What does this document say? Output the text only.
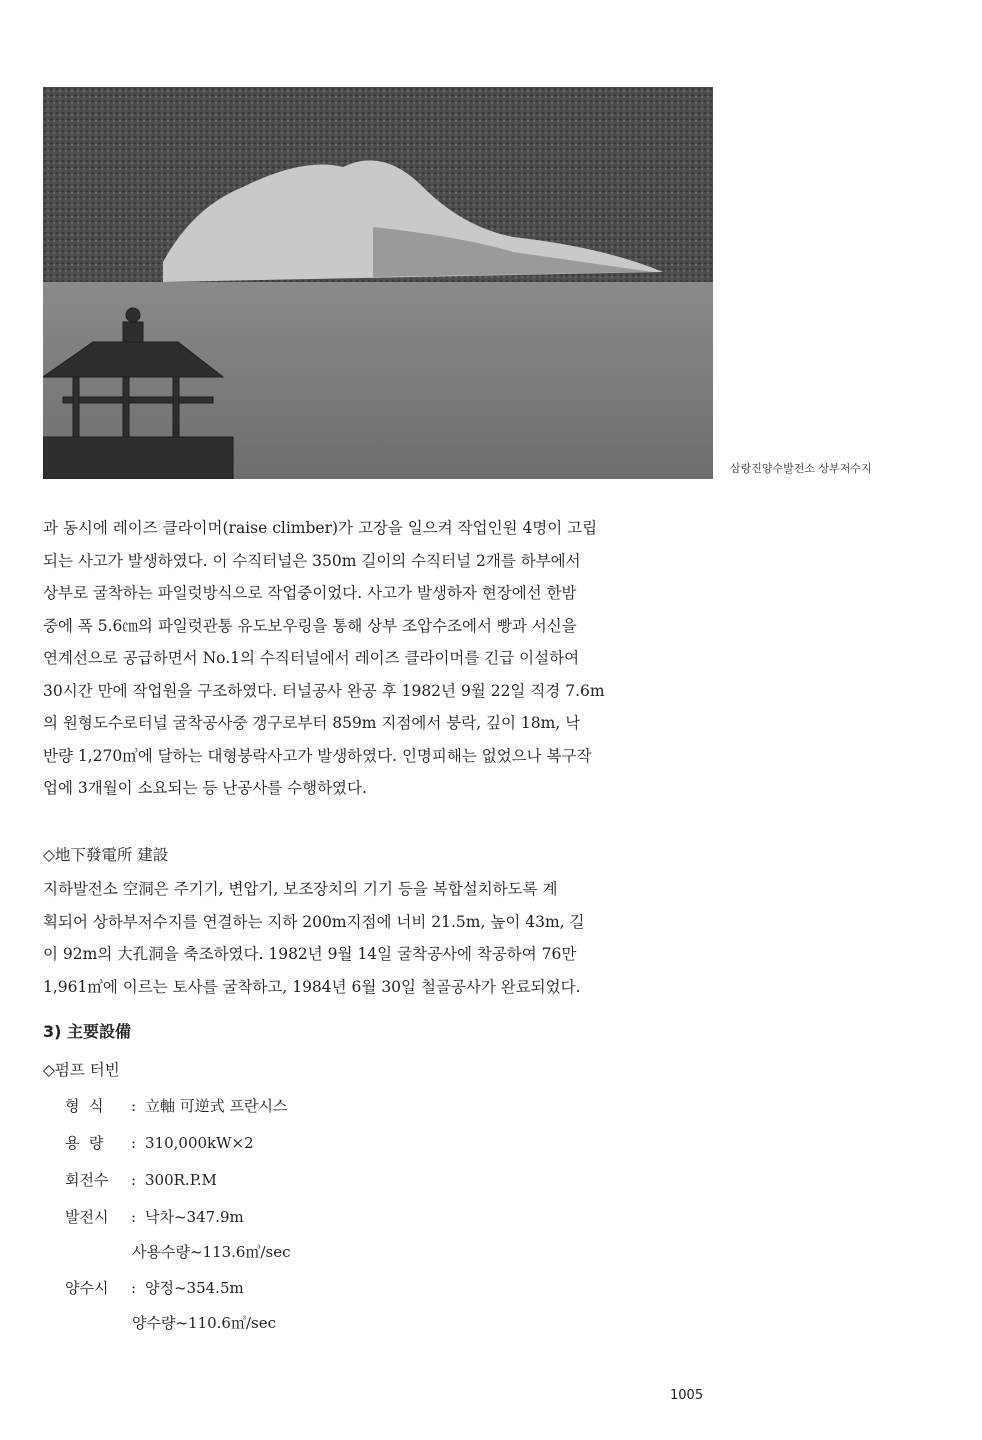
삼랑진양수발전소 상부저수지
과 동시에 레이즈 클라이머(raise climber)가 고장을 일으켜 작업인원 4명이 고립
되는 사고가 발생하였다. 이 수직터널은 350m 길이의 수직터널 2개를 하부에서
상부로 굴착하는 파일럿방식으로 작업중이었다. 사고가 발생하자 현장에선 한밤
중에 폭 5.6㎝의 파일럿관통 유도보우링을 통해 상부 조압수조에서 빵과 서신을
연계선으로 공급하면서 No.1의 수직터널에서 레이즈 클라이머를 긴급 이설하여
30시간 만에 작업원을 구조하였다. 터널공사 완공 후 1982년 9월 22일 직경 7.6m
의 원형도수로터널 굴착공사중 갱구로부터 859m 지점에서 붕락, 깊이 18m, 낙
반량 1,270㎥에 달하는 대형붕락사고가 발생하였다. 인명피해는 없었으나 복구작
업에 3개월이 소요되는 등 난공사를 수행하였다.
◇地下發電所 建設
지하발전소 空洞은 주기기, 변압기, 보조장치의 기기 등을 복합설치하도록 계
획되어 상하부저수지를 연결하는 지하 200m지점에 너비 21.5m, 높이 43m, 길
이 92m의 大孔洞을 축조하였다. 1982년 9월 14일 굴착공사에 착공하여 76만
1,961㎥에 이르는 토사를 굴착하고, 1984년 6월 30일 철골공사가 완료되었다.
3) 主要設備
◇펌프 터빈
형  식 : 立軸 可逆式 프란시스
용  량 : 310,000kW×2
회전수 : 300R.P.M
발전시 : 낙차~347.9m
사용수량~113.6㎥/sec
양수시 : 양정~354.5m
양수량~110.6㎥/sec
1005
